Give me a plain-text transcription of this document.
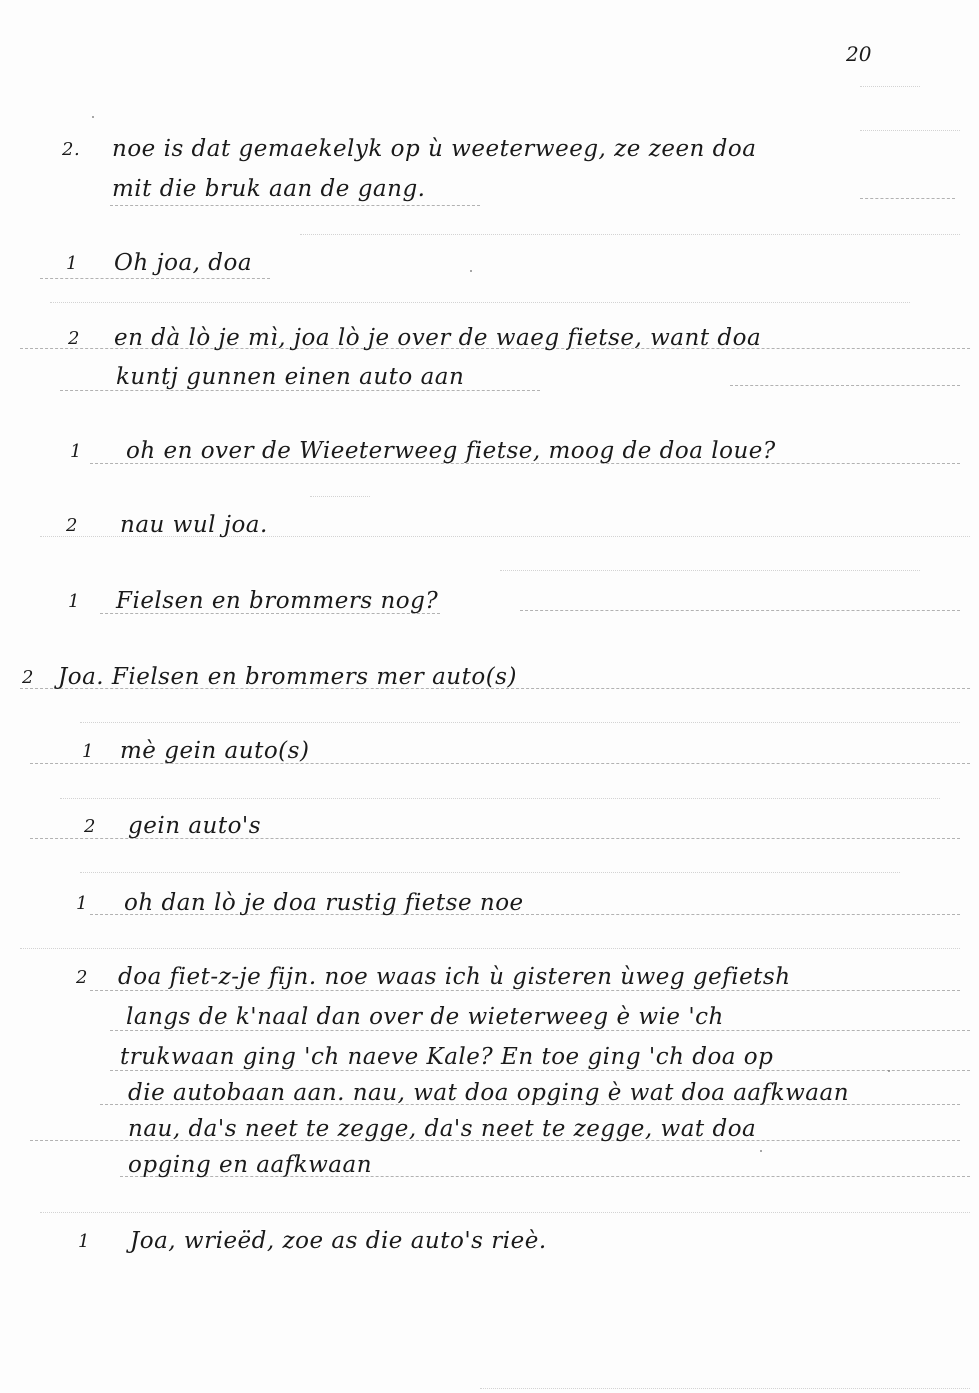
20
2. noe is dat gemaekelyk op ù weeterweeg, ze zeen doa
mit die bruk aan de gang.
1 Oh joa, doa
2 en dà lò je mì, joa lò je over de waeg fietse, want doa
kuntj gunnen einen auto aan
1 oh en over de Wieeterweeg fietse, moog de doa loue?
2 nau wul joa.
1 Fielsen en brommers nog?
2 Joa. Fielsen en brommers mer auto(s)
1 mè gein auto(s)
2 gein auto's
1 oh dan lò je doa rustig fietse noe
2 doa fiet-z-je fijn. noe waas ich ù gisteren ùweg gefietsh
langs de k'naal dan over de wieterweeg è wie 'ch
trukwaan ging 'ch naeve Kale? En toe ging 'ch doa op
die autobaan aan. nau, wat doa opging è wat doa aafkwaan
nau, da's neet te zegge, da's neet te zegge, wat doa
opging en aafkwaan
1 Joa, wrieëd, zoe as die auto's rieè.
